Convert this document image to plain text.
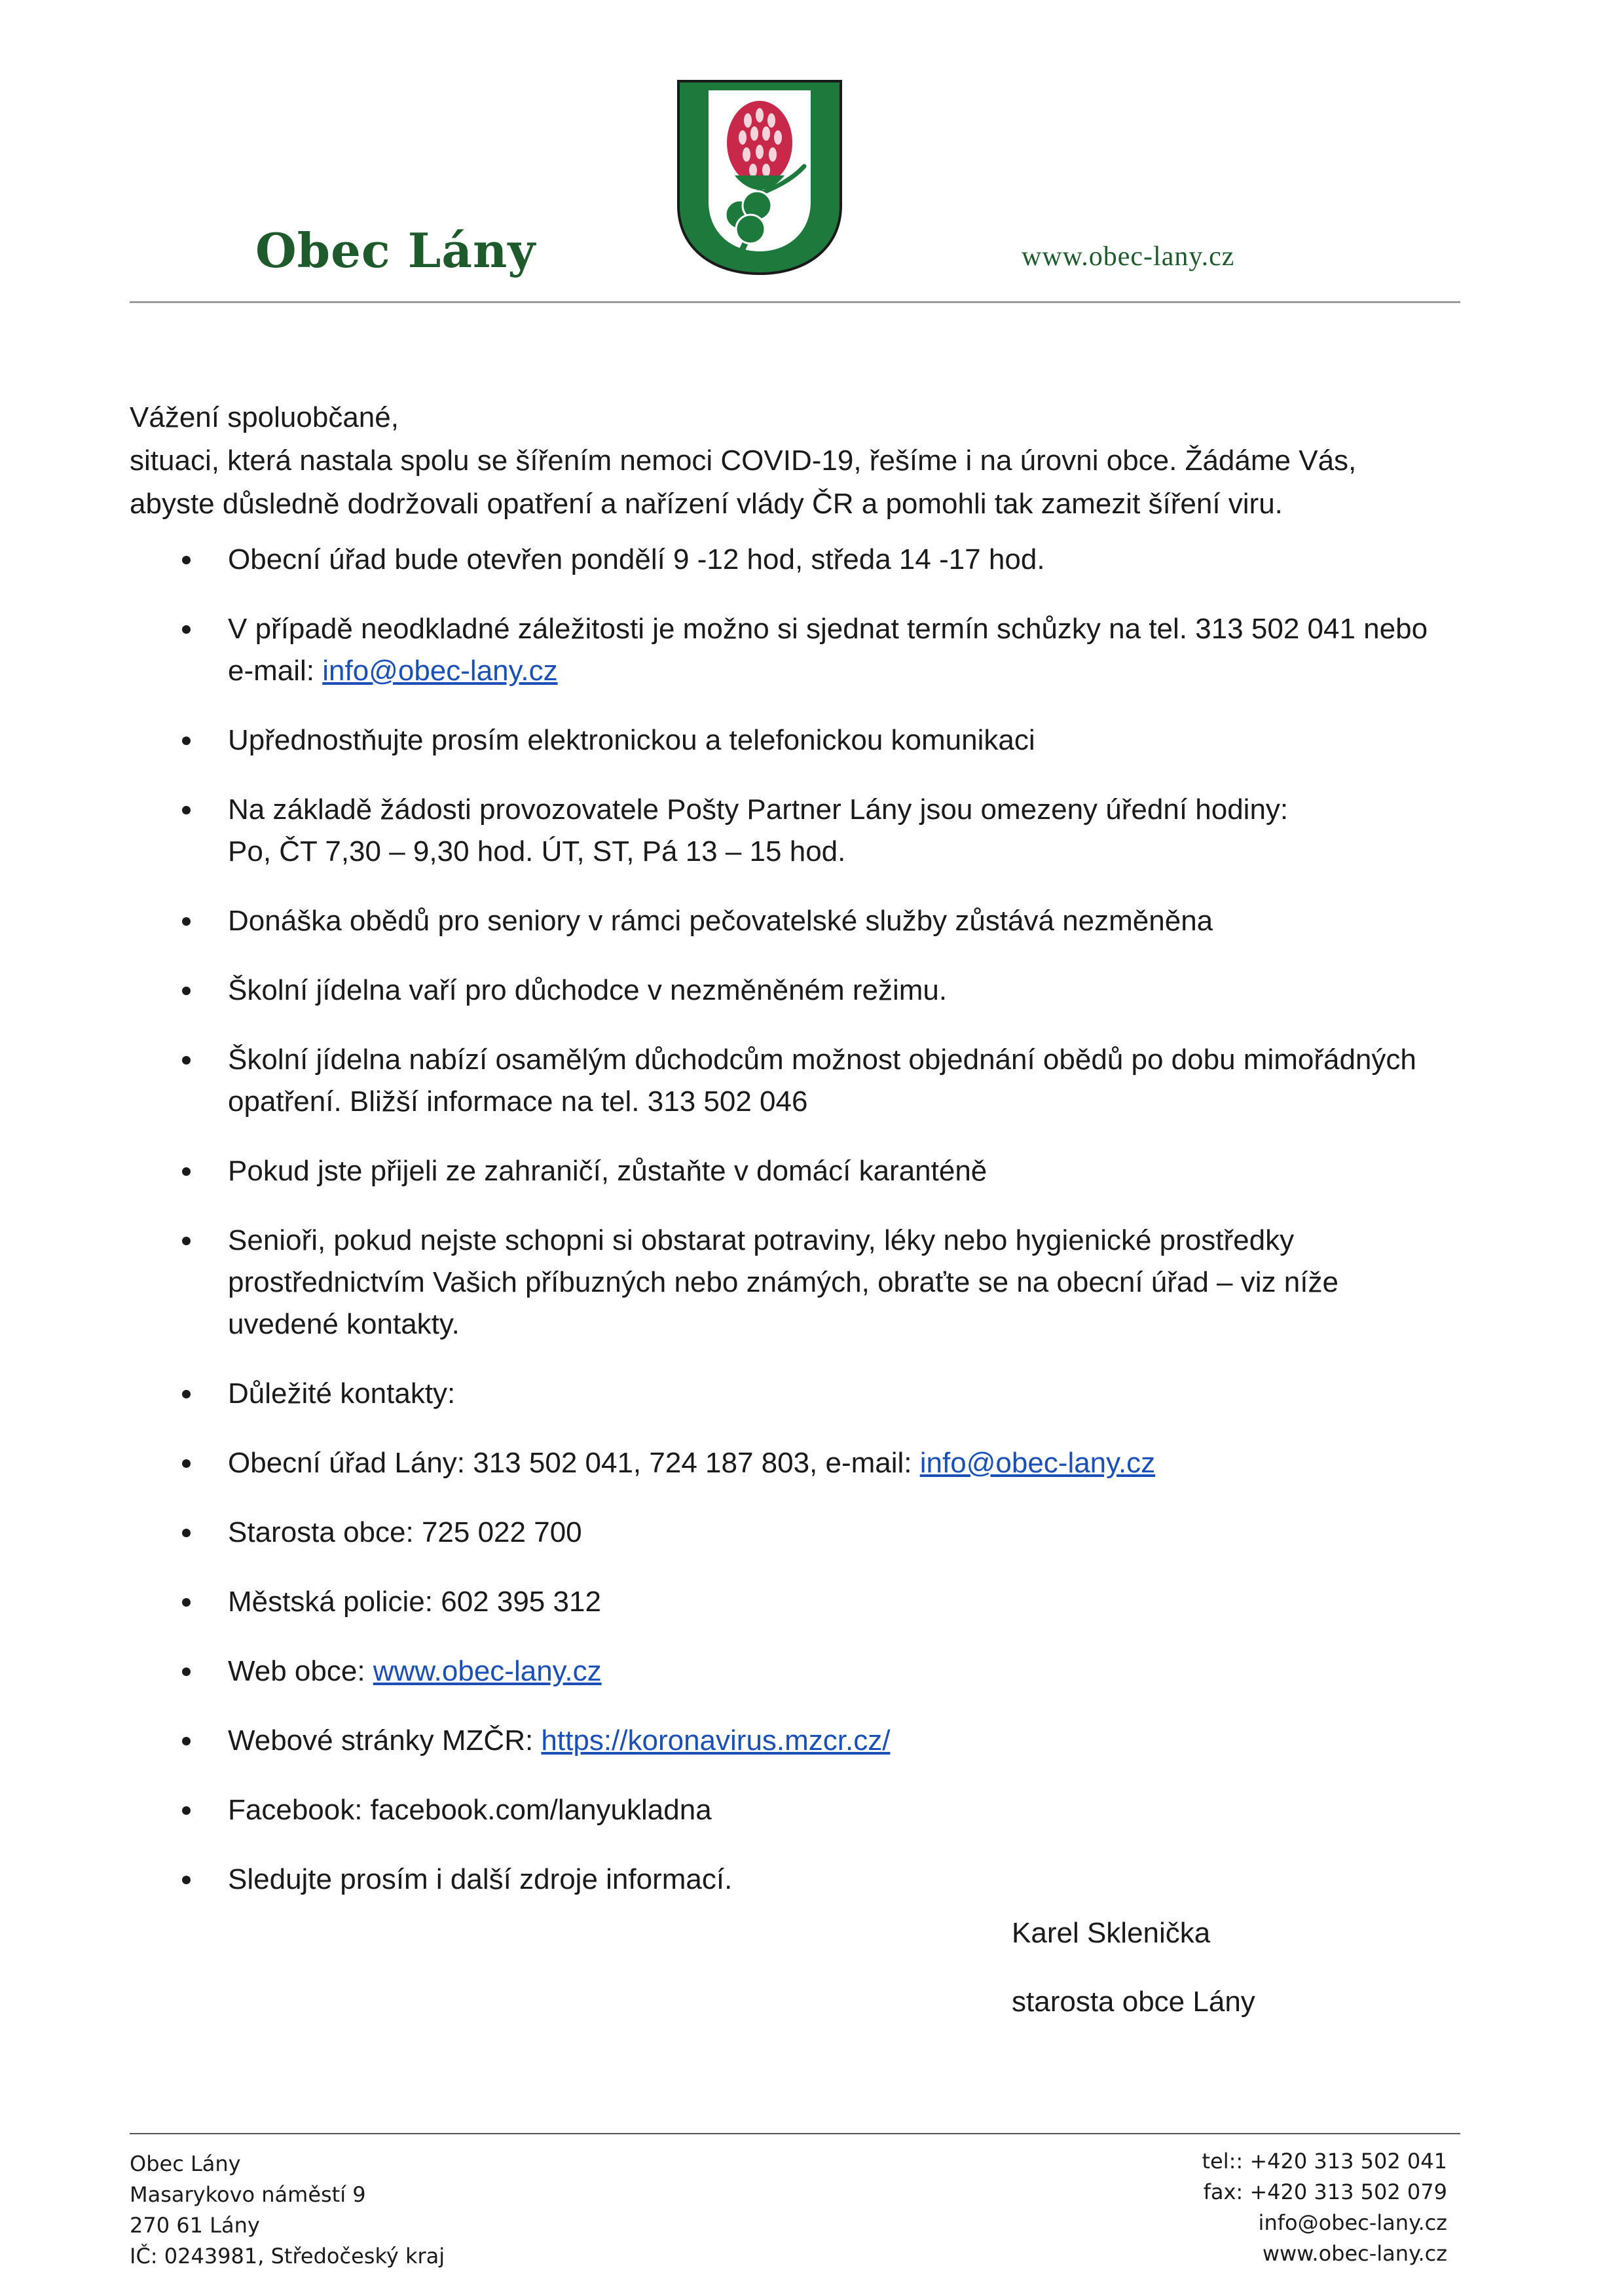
Obec Lány	www.obec-lany.cz

Vážení spoluobčané,

situaci, která nastala spolu se šířením nemoci COVID-19, řešíme i na úrovni obce. Žádáme Vás, abyste důsledně dodržovali opatření a nařízení vlády ČR a pomohli tak zamezit šíření viru.

Obecní úřad bude otevřen pondělí 9 -12 hod, středa 14 -17 hod.
V případě neodkladné záležitosti je možno si sjednat termín schůzky na tel. 313 502 041 nebo e-mail: info@obec-lany.cz
Upřednostňujte prosím elektronickou a telefonickou komunikaci
Na základě žádosti provozovatele Pošty Partner Lány jsou omezeny úřední hodiny:
Po, ČT 7,30 – 9,30 hod. ÚT, ST, Pá 13 – 15 hod.
Donáška obědů pro seniory v rámci pečovatelské služby zůstává nezměněna
Školní jídelna vaří pro důchodce v nezměněném režimu.
Školní jídelna nabízí osamělým důchodcům možnost objednání obědů po dobu mimořádných opatření. Bližší informace na tel. 313 502 046
Pokud jste přijeli ze zahraničí, zůstaňte v domácí karanténě
Senioři, pokud nejste schopni si obstarat potraviny, léky nebo hygienické prostředky prostřednictvím Vašich příbuzných nebo známých, obraťte se na obecní úřad – viz níže uvedené kontakty.
Důležité kontakty:
Obecní úřad Lány: 313 502 041, 724 187 803, e-mail: info@obec-lany.cz
Starosta obce: 725 022 700
Městská policie: 602 395 312
Web obce: www.obec-lany.cz
Webové stránky MZČR: https://koronavirus.mzcr.cz/
Facebook: facebook.com/lanyukladna
Sledujte prosím i další zdroje informací.
Karel Sklenička
starosta obce Lány
Obec Lány
Masarykovo náměstí 9
270 61 Lány
IČ: 0243981, Středočeský kraj
tel:: +420 313 502 041
fax: +420 313 502 079
info@obec-lany.cz
www.obec-lany.cz
